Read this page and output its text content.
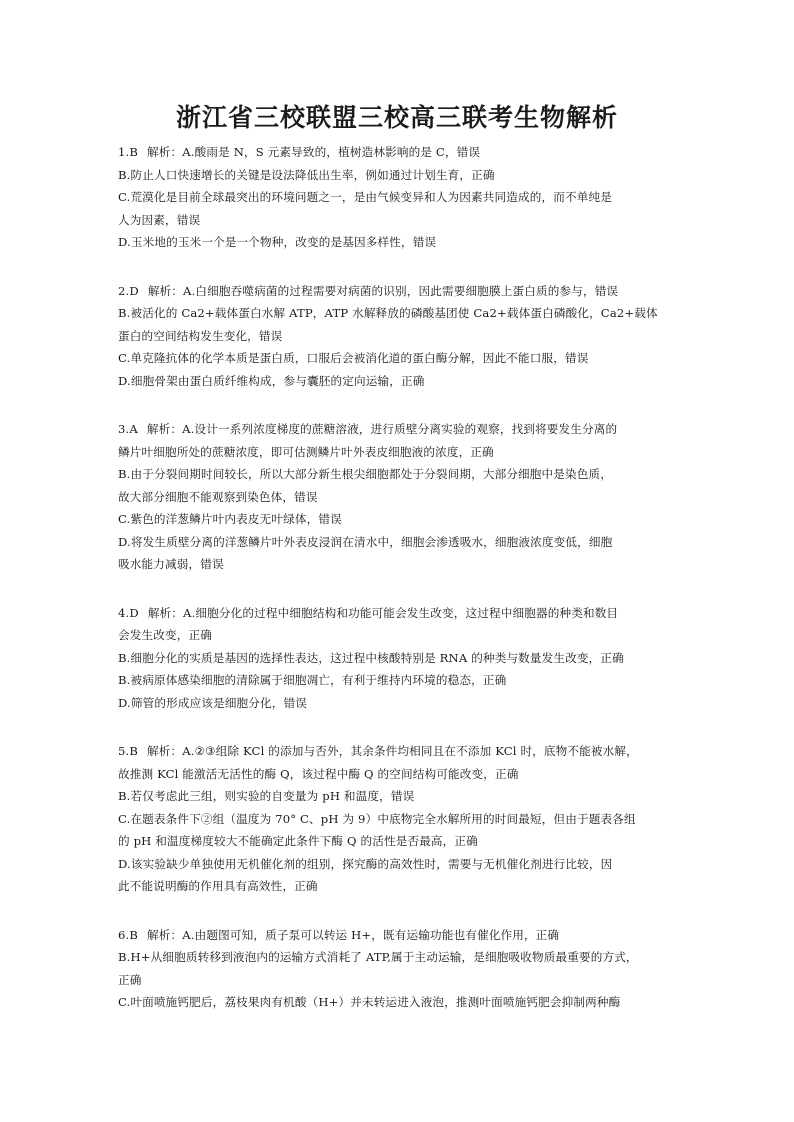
浙江省三校联盟三校高三联考生物解析
1.B 解析：A.酸雨是 N，S 元素导致的，植树造林影响的是 C，错误
B.防止人口快速增长的关键是设法降低出生率，例如通过计划生育，正确
C.荒漠化是目前全球最突出的环境问题之一，是由气候变异和人为因素共同造成的，而不单纯是
人为因素，错误
D.玉米地的玉米一个是一个物种，改变的是基因多样性，错误
2.D 解析：A.白细胞吞噬病菌的过程需要对病菌的识别，因此需要细胞膜上蛋白质的参与，错误
B.被活化的 Ca2+载体蛋白水解 ATP，ATP 水解释放的磷酸基团使 Ca2+载体蛋白磷酸化，Ca2+载体
蛋白的空间结构发生变化，错误
C.单克隆抗体的化学本质是蛋白质，口服后会被消化道的蛋白酶分解，因此不能口服，错误
D.细胞骨架由蛋白质纤维构成，参与囊胚的定向运输，正确
3.A 解析：A.设计一系列浓度梯度的蔗糖溶液，进行质壁分离实验的观察，找到将要发生分离的
鳞片叶细胞所处的蔗糖浓度，即可估测鳞片叶外表皮细胞液的浓度，正确
B.由于分裂间期时间较长，所以大部分新生根尖细胞都处于分裂间期，大部分细胞中是染色质，
故大部分细胞不能观察到染色体，错误
C.紫色的洋葱鳞片叶内表皮无叶绿体，错误
D.将发生质壁分离的洋葱鳞片叶外表皮浸润在清水中，细胞会渗透吸水，细胞液浓度变低，细胞
吸水能力减弱，错误
4.D 解析：A.细胞分化的过程中细胞结构和功能可能会发生改变，这过程中细胞器的种类和数目
会发生改变，正确
B.细胞分化的实质是基因的选择性表达，这过程中核酸特别是 RNA 的种类与数量发生改变，正确
B.被病原体感染细胞的清除属于细胞凋亡，有利于维持内环境的稳态，正确
D.筛管的形成应该是细胞分化，错误
5.B 解析：A.②③组除 KCl 的添加与否外，其余条件均相同且在不添加 KCl 时，底物不能被水解，
故推测 KCl 能激活无活性的酶 Q，该过程中酶 Q 的空间结构可能改变，正确
B.若仅考虑此三组，则实验的自变量为 pH 和温度，错误
C.在题表条件下②组（温度为 70° C、pH 为 9）中底物完全水解所用的时间最短，但由于题表各组
的 pH 和温度梯度较大不能确定此条件下酶 Q 的活性是否最高，正确
D.该实验缺少单独使用无机催化剂的组别，探究酶的高效性时，需要与无机催化剂进行比较，因
此不能说明酶的作用具有高效性，正确
6.B 解析：A.由题图可知，质子泵可以转运 H+，既有运输功能也有催化作用，正确
B.H+从细胞质转移到液泡内的运输方式消耗了 ATP,属于主动运输，是细胞吸收物质最重要的方式，
正确
C.叶面喷施钙肥后，荔枝果肉有机酸（H+）并未转运进入液泡，推测叶面喷施钙肥会抑制两种酶
